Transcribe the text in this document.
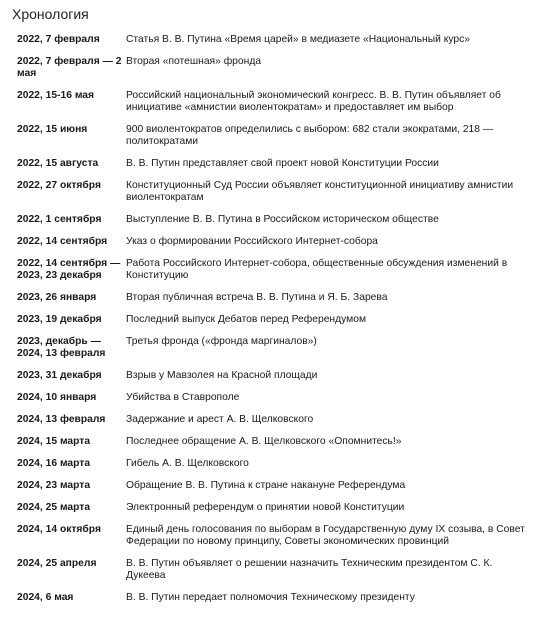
Хронология
2022, 7 февраля	Статья В. В. Путина «Время царей» в медиазете «Национальный курс»
2022, 7 февраля — 2 мая	Вторая «потешная» фронда
2022, 15-16 мая	Российский национальный экономический конгресс. В. В. Путин объявляет об инициативе «амнистии виолентократам» и предоставляет им выбор
2022, 15 июня	900 виолентократов определились с выбором: 682 стали экократами, 218 — политократами
2022, 15 августа	В. В. Путин представляет свой проект новой Конституции России
2022, 27 октября	Конституционный Суд России объявляет конституционной инициативу амнистии виолентократам
2022, 1 сентября	Выступление В. В. Путина в Российском историческом обществе
2022, 14 сентября	Указ о формировании Российского Интернет-собора
2022, 14 сентября — 2023, 23 декабря	Работа Российского Интернет-собора, общественные обсуждения изменений в Конституцию
2023, 26 января	Вторая публичная встреча В. В. Путина и Я. Б. Зарева
2023, 19 декабря	Последний выпуск Дебатов перед Референдумом
2023, декабрь — 2024, 13 февраля	Третья фронда («фронда маргиналов»)
2023, 31 декабря	Взрыв у Мавзолея на Красной площади
2024, 10 января	Убийства в Ставрополе
2024, 13 февраля	Задержание и арест А. В. Щелковского
2024, 15 марта	Последнее обращение А. В. Щелковского «Опомнитесь!»
2024, 16 марта	Гибель А. В. Щелковского
2024, 23 марта	Обращение В. В. Путина к стране накануне Референдума
2024, 25 марта	Электронный референдум о принятии новой Конституции
2024, 14 октября	Единый день голосования по выборам в Государственную думу IX созыва, в Совет Федерации по новому принципу, Советы экономических провинций
2024, 25 апреля	В. В. Путин объявляет о решении назначить Техническим президентом С. К. Дукеева
2024, 6 мая	В. В. Путин передает полномочия Техническому президенту
